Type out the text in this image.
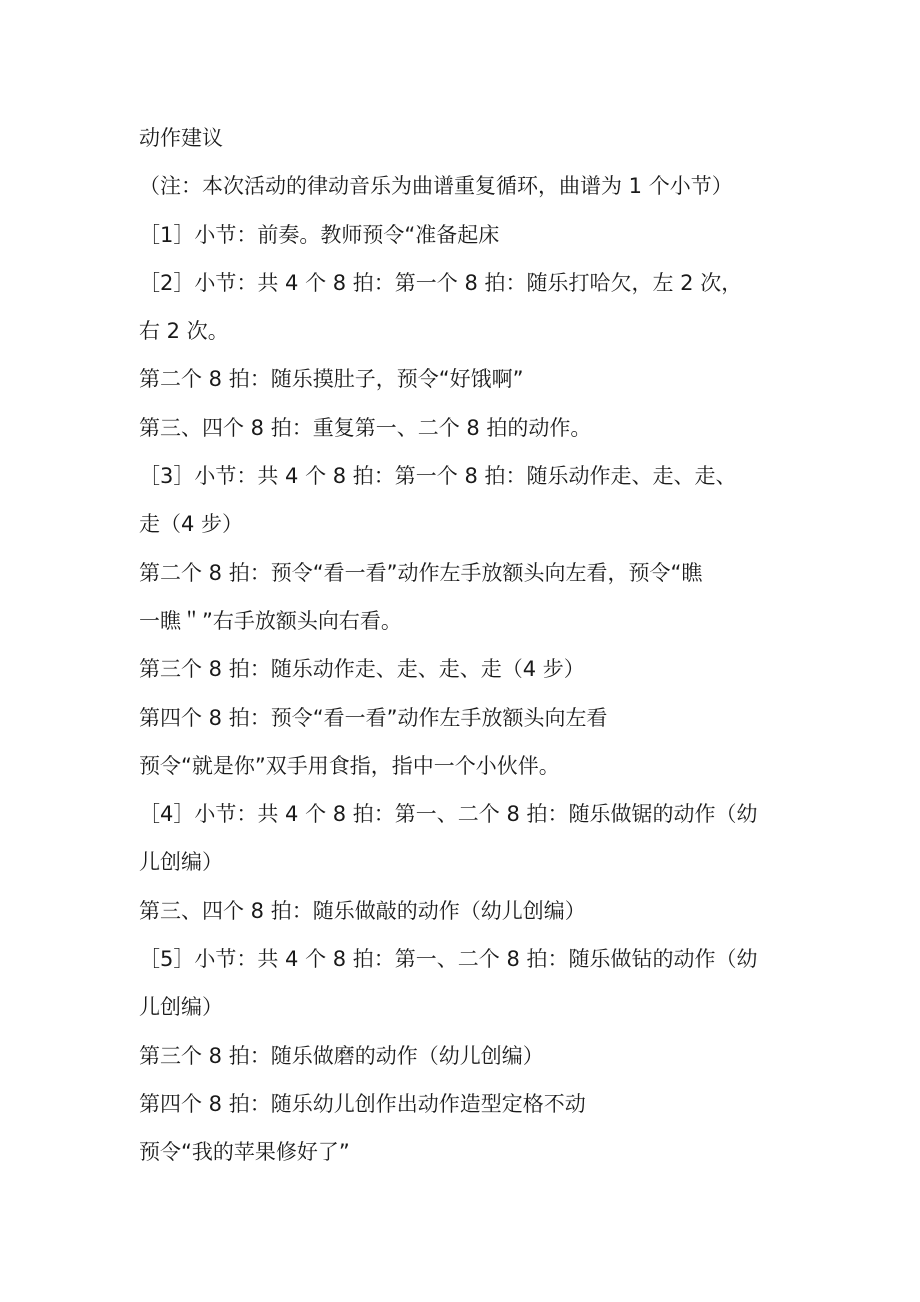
动作建议
（注：本次活动的律动音乐为曲谱重复循环，曲谱为 1 个小节）
［1］小节：前奏。教师预令“准备起床
［2］小节：共 4 个 8 拍：第一个 8 拍：随乐打哈欠，左 2 次，
右 2 次。
第二个 8 拍：随乐摸肚子，预令“好饿啊”
第三、四个 8 拍：重复第一、二个 8 拍的动作。
［3］小节：共 4 个 8 拍：第一个 8 拍：随乐动作走、走、走、
走（4 步）
第二个 8 拍：预令“看一看”动作左手放额头向左看，预令“瞧
一瞧＂”右手放额头向右看。
第三个 8 拍：随乐动作走、走、走、走（4 步）
第四个 8 拍：预令“看一看”动作左手放额头向左看
预令“就是你”双手用食指，指中一个小伙伴。
［4］小节：共 4 个 8 拍：第一、二个 8 拍：随乐做锯的动作（幼
儿创编）
第三、四个 8 拍：随乐做敲的动作（幼儿创编）
［5］小节：共 4 个 8 拍：第一、二个 8 拍：随乐做钻的动作（幼
儿创编）
第三个 8 拍：随乐做磨的动作（幼儿创编）
第四个 8 拍：随乐幼儿创作出动作造型定格不动
预令“我的苹果修好了”
